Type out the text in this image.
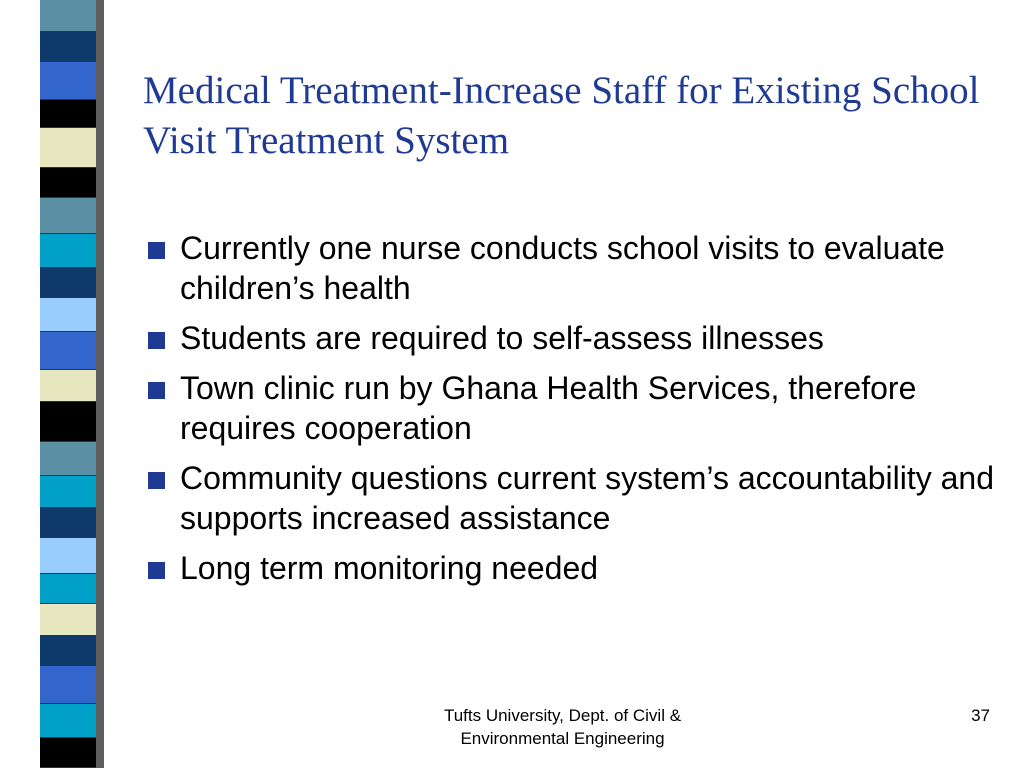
Medical Treatment-Increase Staff for Existing School Visit Treatment System
Currently one nurse conducts school visits to evaluate children’s health
Students are required to self-assess illnesses
Town clinic run by Ghana Health Services, therefore requires cooperation
Community questions current system’s accountability and supports increased assistance
Long term monitoring needed
Tufts University, Dept. of Civil &
Environmental Engineering
37
